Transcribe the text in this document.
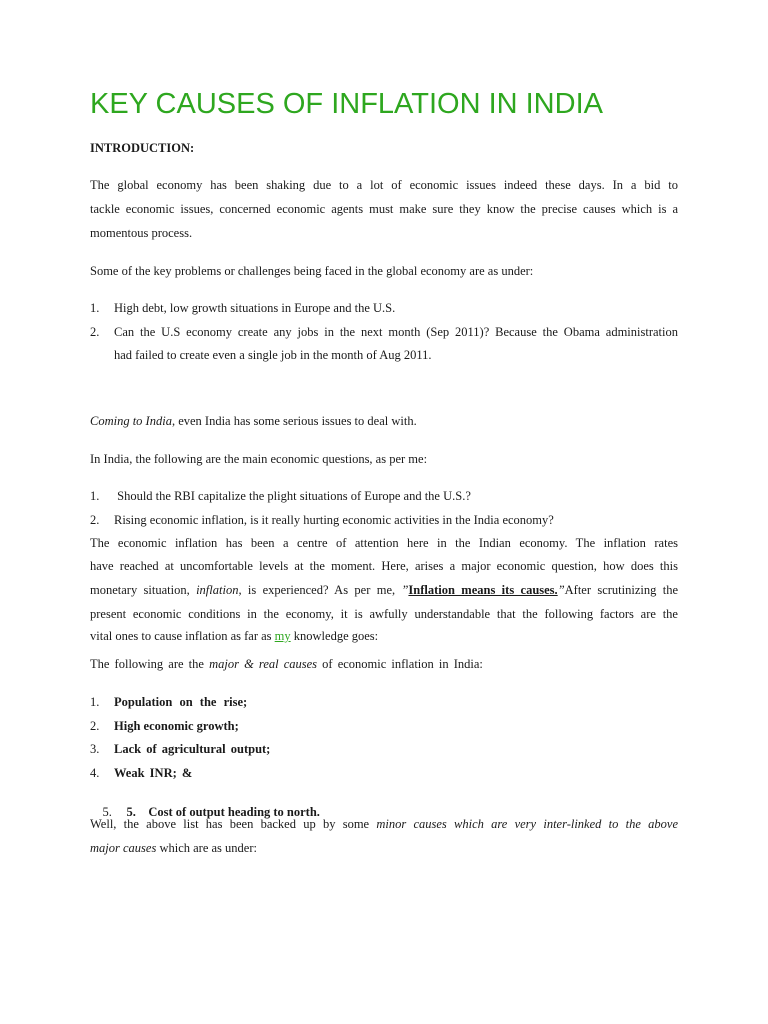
KEY CAUSES OF INFLATION IN INDIA
INTRODUCTION:
The global economy has been shaking due to a lot of economic issues indeed these days. In a bid to
tackle economic issues, concerned economic agents must make sure they know the precise causes which is a
momentous process.
Some of the key problems or challenges being faced in the global economy are as under:
1. High debt, low growth situations in Europe and the U.S.
2. Can the U.S economy create any jobs in the next month (Sep 2011)? Because the Obama administration
had failed to create even a single job in the month of Aug 2011.
Coming to India, even India has some serious issues to deal with.
In India, the following are the main economic questions, as per me:
1. Should the RBI capitalize the plight situations of Europe and the U.S.?
2. Rising economic inflation, is it really hurting economic activities in the India economy?
The economic inflation has been a centre of attention here in the Indian economy. The inflation rates
have reached at uncomfortable levels at the moment. Here, arises a major economic question, how does this
monetary situation, inflation, is experienced? As per me, ”Inflation means its causes.”After scrutinizing the
present economic conditions in the economy, it is awfully understandable that the following factors are the
vital ones to cause inflation as far as my knowledge goes:
The following are the major & real causes of economic inflation in India:
1. Population on the rise;
2. High economic growth;
3. Lack of agricultural output;
4. Weak INR; &

5. 5.    Cost of output heading to north.

Well, the above list has been backed up by some minor causes which are very inter-linked to the above
major causes which are as under:
